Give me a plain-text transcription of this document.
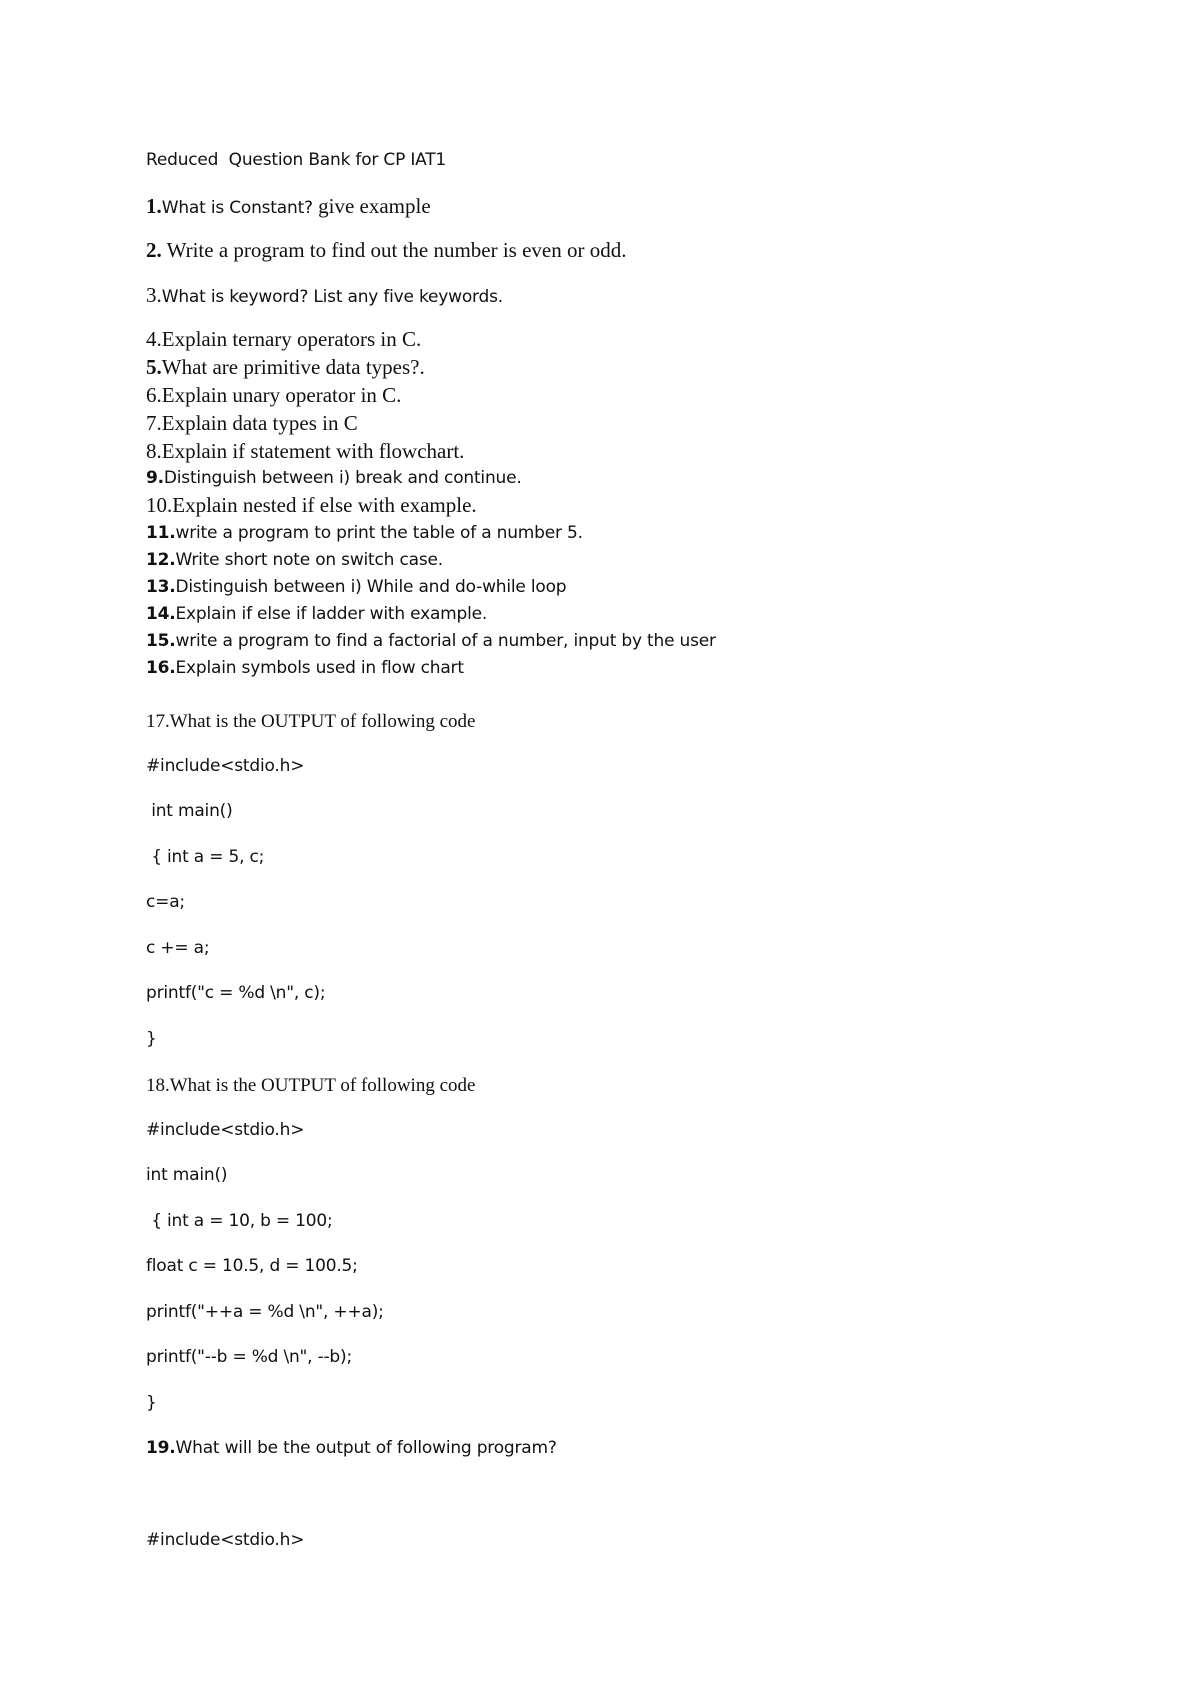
Reduced  Question Bank for CP IAT1
1.What is Constant? give example
2. Write a program to find out the number is even or odd.
3.What is keyword? List any five keywords.
4.Explain ternary operators in C.
5.What are primitive data types?.
6.Explain unary operator in C.
7.Explain data types in C
8.Explain if statement with flowchart.
9.Distinguish between i) break and continue.
10.Explain nested if else with example.
11.write a program to print the table of a number 5.
12.Write short note on switch case.
13.Distinguish between i) While and do-while loop
14.Explain if else if ladder with example.
15.write a program to find a factorial of a number, input by the user
16.Explain symbols used in flow chart
17.What is the OUTPUT of following code
#include<stdio.h>
int main()
{ int a = 5, c;
c=a;
c += a;
printf("c = %d \n", c);
}
18.What is the OUTPUT of following code
#include<stdio.h>
int main()
{ int a = 10, b = 100;
float c = 10.5, d = 100.5;
printf("++a = %d \n", ++a);
printf("--b = %d \n", --b);
}
19.What will be the output of following program?
#include<stdio.h>
